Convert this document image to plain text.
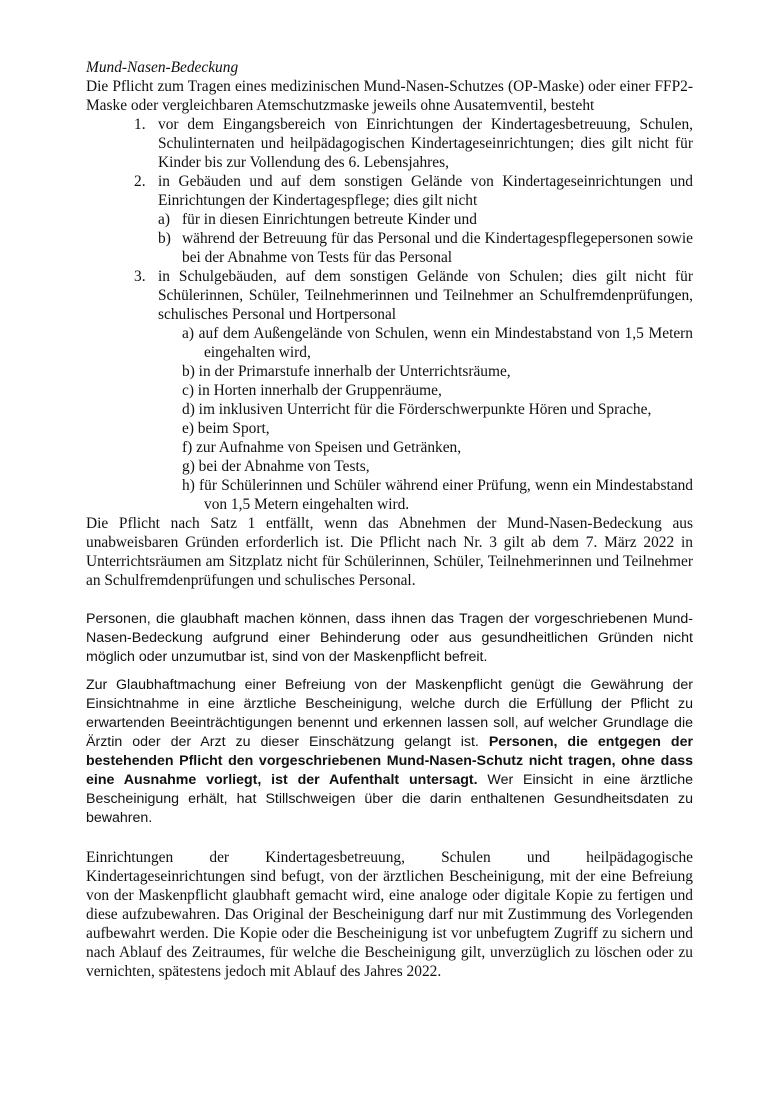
Mund-Nasen-Bedeckung

Die Pflicht zum Tragen eines medizinischen Mund-Nasen-Schutzes (OP-Maske) oder einer FFP2-Maske oder vergleichbaren Atemschutzmaske jeweils ohne Ausatemventil, besteht

1. vor dem Eingangsbereich von Einrichtungen der Kindertagesbetreuung, Schulen, Schulinternaten und heilpädagogischen Kindertageseinrichtungen; dies gilt nicht für Kinder bis zur Vollendung des 6. Lebensjahres,
2. in Gebäuden und auf dem sonstigen Gelände von Kindertageseinrichtungen und Einrichtungen der Kindertagespflege; dies gilt nicht
a) für in diesen Einrichtungen betreute Kinder und
b) während der Betreuung für das Personal und die Kindertagespflegepersonen sowie bei der Abnahme von Tests für das Personal
3. in Schulgebäuden, auf dem sonstigen Gelände von Schulen; dies gilt nicht für Schülerinnen, Schüler, Teilnehmerinnen und Teilnehmer an Schulfremdenprüfungen, schulisches Personal und Hortpersonal
a) auf dem Außengelände von Schulen, wenn ein Mindestabstand von 1,5 Metern eingehalten wird,
b) in der Primarstufe innerhalb der Unterrichtsräume,
c) in Horten innerhalb der Gruppenräume,
d) im inklusiven Unterricht für die Förderschwerpunkte Hören und Sprache,
e) beim Sport,
f) zur Aufnahme von Speisen und Getränken,
g) bei der Abnahme von Tests,
h) für Schülerinnen und Schüler während einer Prüfung, wenn ein Mindestabstand von 1,5 Metern eingehalten wird.

Die Pflicht nach Satz 1 entfällt, wenn das Abnehmen der Mund-Nasen-Bedeckung aus unabweisbaren Gründen erforderlich ist. Die Pflicht nach Nr. 3 gilt ab dem 7. März 2022 in Unterrichtsräumen am Sitzplatz nicht für Schülerinnen, Schüler, Teilnehmerinnen und Teilnehmer an Schulfremdenprüfungen und schulisches Personal.

Personen, die glaubhaft machen können, dass ihnen das Tragen der vorgeschriebenen Mund-Nasen-Bedeckung aufgrund einer Behinderung oder aus gesundheitlichen Gründen nicht möglich oder unzumutbar ist, sind von der Maskenpflicht befreit.

Zur Glaubhaftmachung einer Befreiung von der Maskenpflicht genügt die Gewährung der Einsichtnahme in eine ärztliche Bescheinigung, welche durch die Erfüllung der Pflicht zu erwartenden Beeinträchtigungen benennt und erkennen lassen soll, auf welcher Grundlage die Ärztin oder der Arzt zu dieser Einschätzung gelangt ist. Personen, die entgegen der bestehenden Pflicht den vorgeschriebenen Mund-Nasen-Schutz nicht tragen, ohne dass eine Ausnahme vorliegt, ist der Aufenthalt untersagt. Wer Einsicht in eine ärztliche Bescheinigung erhält, hat Stillschweigen über die darin enthaltenen Gesundheitsdaten zu bewahren.

Einrichtungen der Kindertagesbetreuung, Schulen und heilpädagogische Kindertageseinrichtungen sind befugt, von der ärztlichen Bescheinigung, mit der eine Befreiung von der Maskenpflicht glaubhaft gemacht wird, eine analoge oder digitale Kopie zu fertigen und diese aufzubewahren. Das Original der Bescheinigung darf nur mit Zustimmung des Vorlegenden aufbewahrt werden. Die Kopie oder die Bescheinigung ist vor unbefugtem Zugriff zu sichern und nach Ablauf des Zeitraumes, für welche die Bescheinigung gilt, unverzüglich zu löschen oder zu vernichten, spätestens jedoch mit Ablauf des Jahres 2022.
